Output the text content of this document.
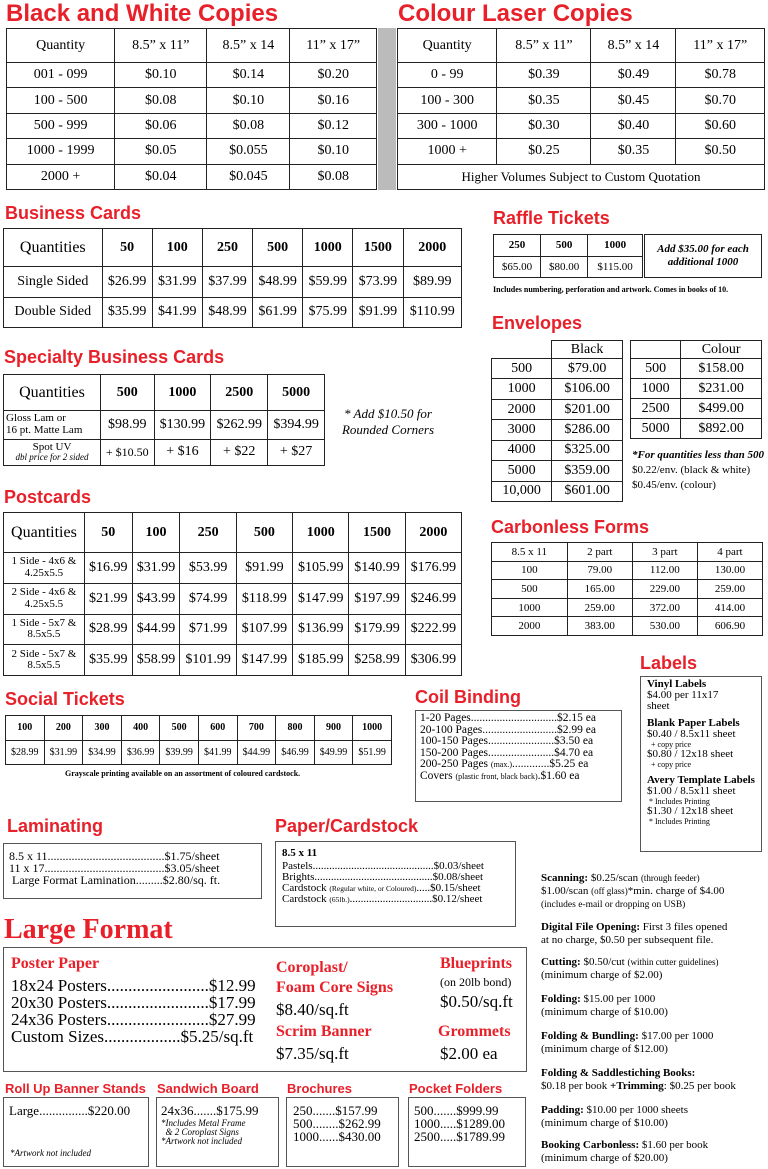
Black and White Copies
Quantity	8.5” x 11”	8.5” x 14	11” x 17”
001 - 099	$0.10	$0.14	$0.20
100 - 500	$0.08	$0.10	$0.16
500 - 999	$0.06	$0.08	$0.12
1000 - 1999	$0.05	$0.055	$0.10
2000 +	$0.04	$0.045	$0.08
Colour Laser Copies
Quantity	8.5” x 11”	8.5” x 14	11” x 17”
0 - 99	$0.39	$0.49	$0.78
100 - 300	$0.35	$0.45	$0.70
300 - 1000	$0.30	$0.40	$0.60
1000 +	$0.25	$0.35	$0.50
Higher Volumes Subject to Custom Quotation			
Business Cards
Quantities	50	100	250	500	1000	1500	2000
Single Sided	$26.99	$31.99	$37.99	$48.99	$59.99	$73.99	$89.99
Double Sided	$35.99	$41.99	$48.99	$61.99	$75.99	$91.99	$110.99
Raffle Tickets
250	500	1000
$65.00	$80.00	$115.00
Add $35.00 for each additional 1000
Includes numbering, perforation and artwork. Comes in books of 10.
Specialty Business Cards
Quantities	500	1000	2500	5000

Gloss Lam or
16 pt. Matte Lam	$98.99	$130.99	$262.99	$394.99

Spot UV
dbl price for 2 sided	+ $10.50	+ $16	+ $22	+ $27
* Add $10.50 for
Rounded Corners
Envelopes
	Black
500	$79.00
1000	$106.00
2000	$201.00
3000	$286.00
4000	$325.00
5000	$359.00
10,000	$601.00
	Colour
500	$158.00
1000	$231.00
2500	$499.00
5000	$892.00
*For quantities less than 500
$0.22/env. (black & white)
$0.45/env. (colour)
Postcards
Quantities	50	100	250	500	1000	1500	2000

1 Side - 4x6 &
4.25x5.5	$16.99	$31.99	$53.99	$91.99	$105.99	$140.99	$176.99

2 Side - 4x6 &
4.25x5.5	$21.99	$43.99	$74.99	$118.99	$147.99	$197.99	$246.99

1 Side - 5x7 &
8.5x5.5	$28.99	$44.99	$71.99	$107.99	$136.99	$179.99	$222.99

2 Side - 5x7 &
8.5x5.5	$35.99	$58.99	$101.99	$147.99	$185.99	$258.99	$306.99
Carbonless Forms
8.5 x 11	2 part	3 part	4 part
100	79.00	112.00	130.00
500	165.00	229.00	259.00
1000	259.00	372.00	414.00
2000	383.00	530.00	606.90
Labels
Vinyl Labels
$4.00 per 11x17
sheet
Blank Paper Labels
$0.40 / 8.5x11 sheet
+ copy price
$0.80 / 12x18 sheet
+ copy price
Avery Template Labels
$1.00 / 8.5x11 sheet
* Includes Printing
$1.30 / 12x18 sheet
* Includes Printing
Social Tickets
100	200	300	400	500	600	700	800	900	1000
$28.99	$31.99	$34.99	$36.99	$39.99	$41.99	$44.99	$46.99	$49.99	$51.99
Grayscale printing available on an assortment of coloured cardstock.
Coil Binding
1-20 Pages..............................$2.15 ea
20-100 Pages..........................$2.99 ea
100-150 Pages.......................$3.50 ea
150-200 Pages.......................$4.70 ea
200-250 Pages (max.).............$5.25 ea
Covers (plastic front, black back).$1.60 ea
Laminating
8.5 x 11.......................................$1.75/sheet
11 x 17........................................$3.05/sheet
Large Format Lamination.........$2.80/sq. ft.
Paper/Cardstock
8.5 x 11
Pastels............................................$0.03/sheet
Brights...........................................$0.08/sheet
Cardstock (Regular white, or Coloured).....$0.15/sheet
Cardstock (65lb.)..............................$0.12/sheet
Scanning: $0.25/scan (through feeder)
$1.00/scan (off glass)*min. charge of $4.00
(includes e-mail or dropping on USB)
Digital File Opening: First 3 files opened
at no charge, $0.50 per subsequent file.
Cutting: $0.50/cut (within cutter guidelines)
(minimum charge of $2.00)
Folding: $15.00 per 1000
(minimum charge of $10.00)
Folding & Bundling: $17.00 per 1000
(minimum charge of $12.00)
Folding & Saddlestiching Books:
$0.18 per book +Trimming: $0.25 per book
Padding: $10.00 per 1000 sheets
(minimum charge of $10.00)
Booking Carbonless: $1.60 per book
(minimum charge of $20.00)
Large Format
Poster Paper
18x24 Posters........................$12.99
20x30 Posters........................$17.99
24x36 Posters........................$27.99
Custom Sizes..................$5.25/sq.ft
Coroplast/
Foam Core Signs
$8.40/sq.ft
Scrim Banner
$7.35/sq.ft
Blueprints
(on 20lb bond)
$0.50/sq.ft
Grommets
$2.00 ea
Roll Up Banner Stands
Large...............$220.00
*Artwork not included
Sandwich Board
24x36.......$175.99
*Includes Metal Frame
& 2 Coroplast Signs
*Artwork not included
Brochures
250.......$157.99
500........$262.99
1000......$430.00
Pocket Folders
500.......$999.99
1000.....$1289.00
2500.....$1789.99
